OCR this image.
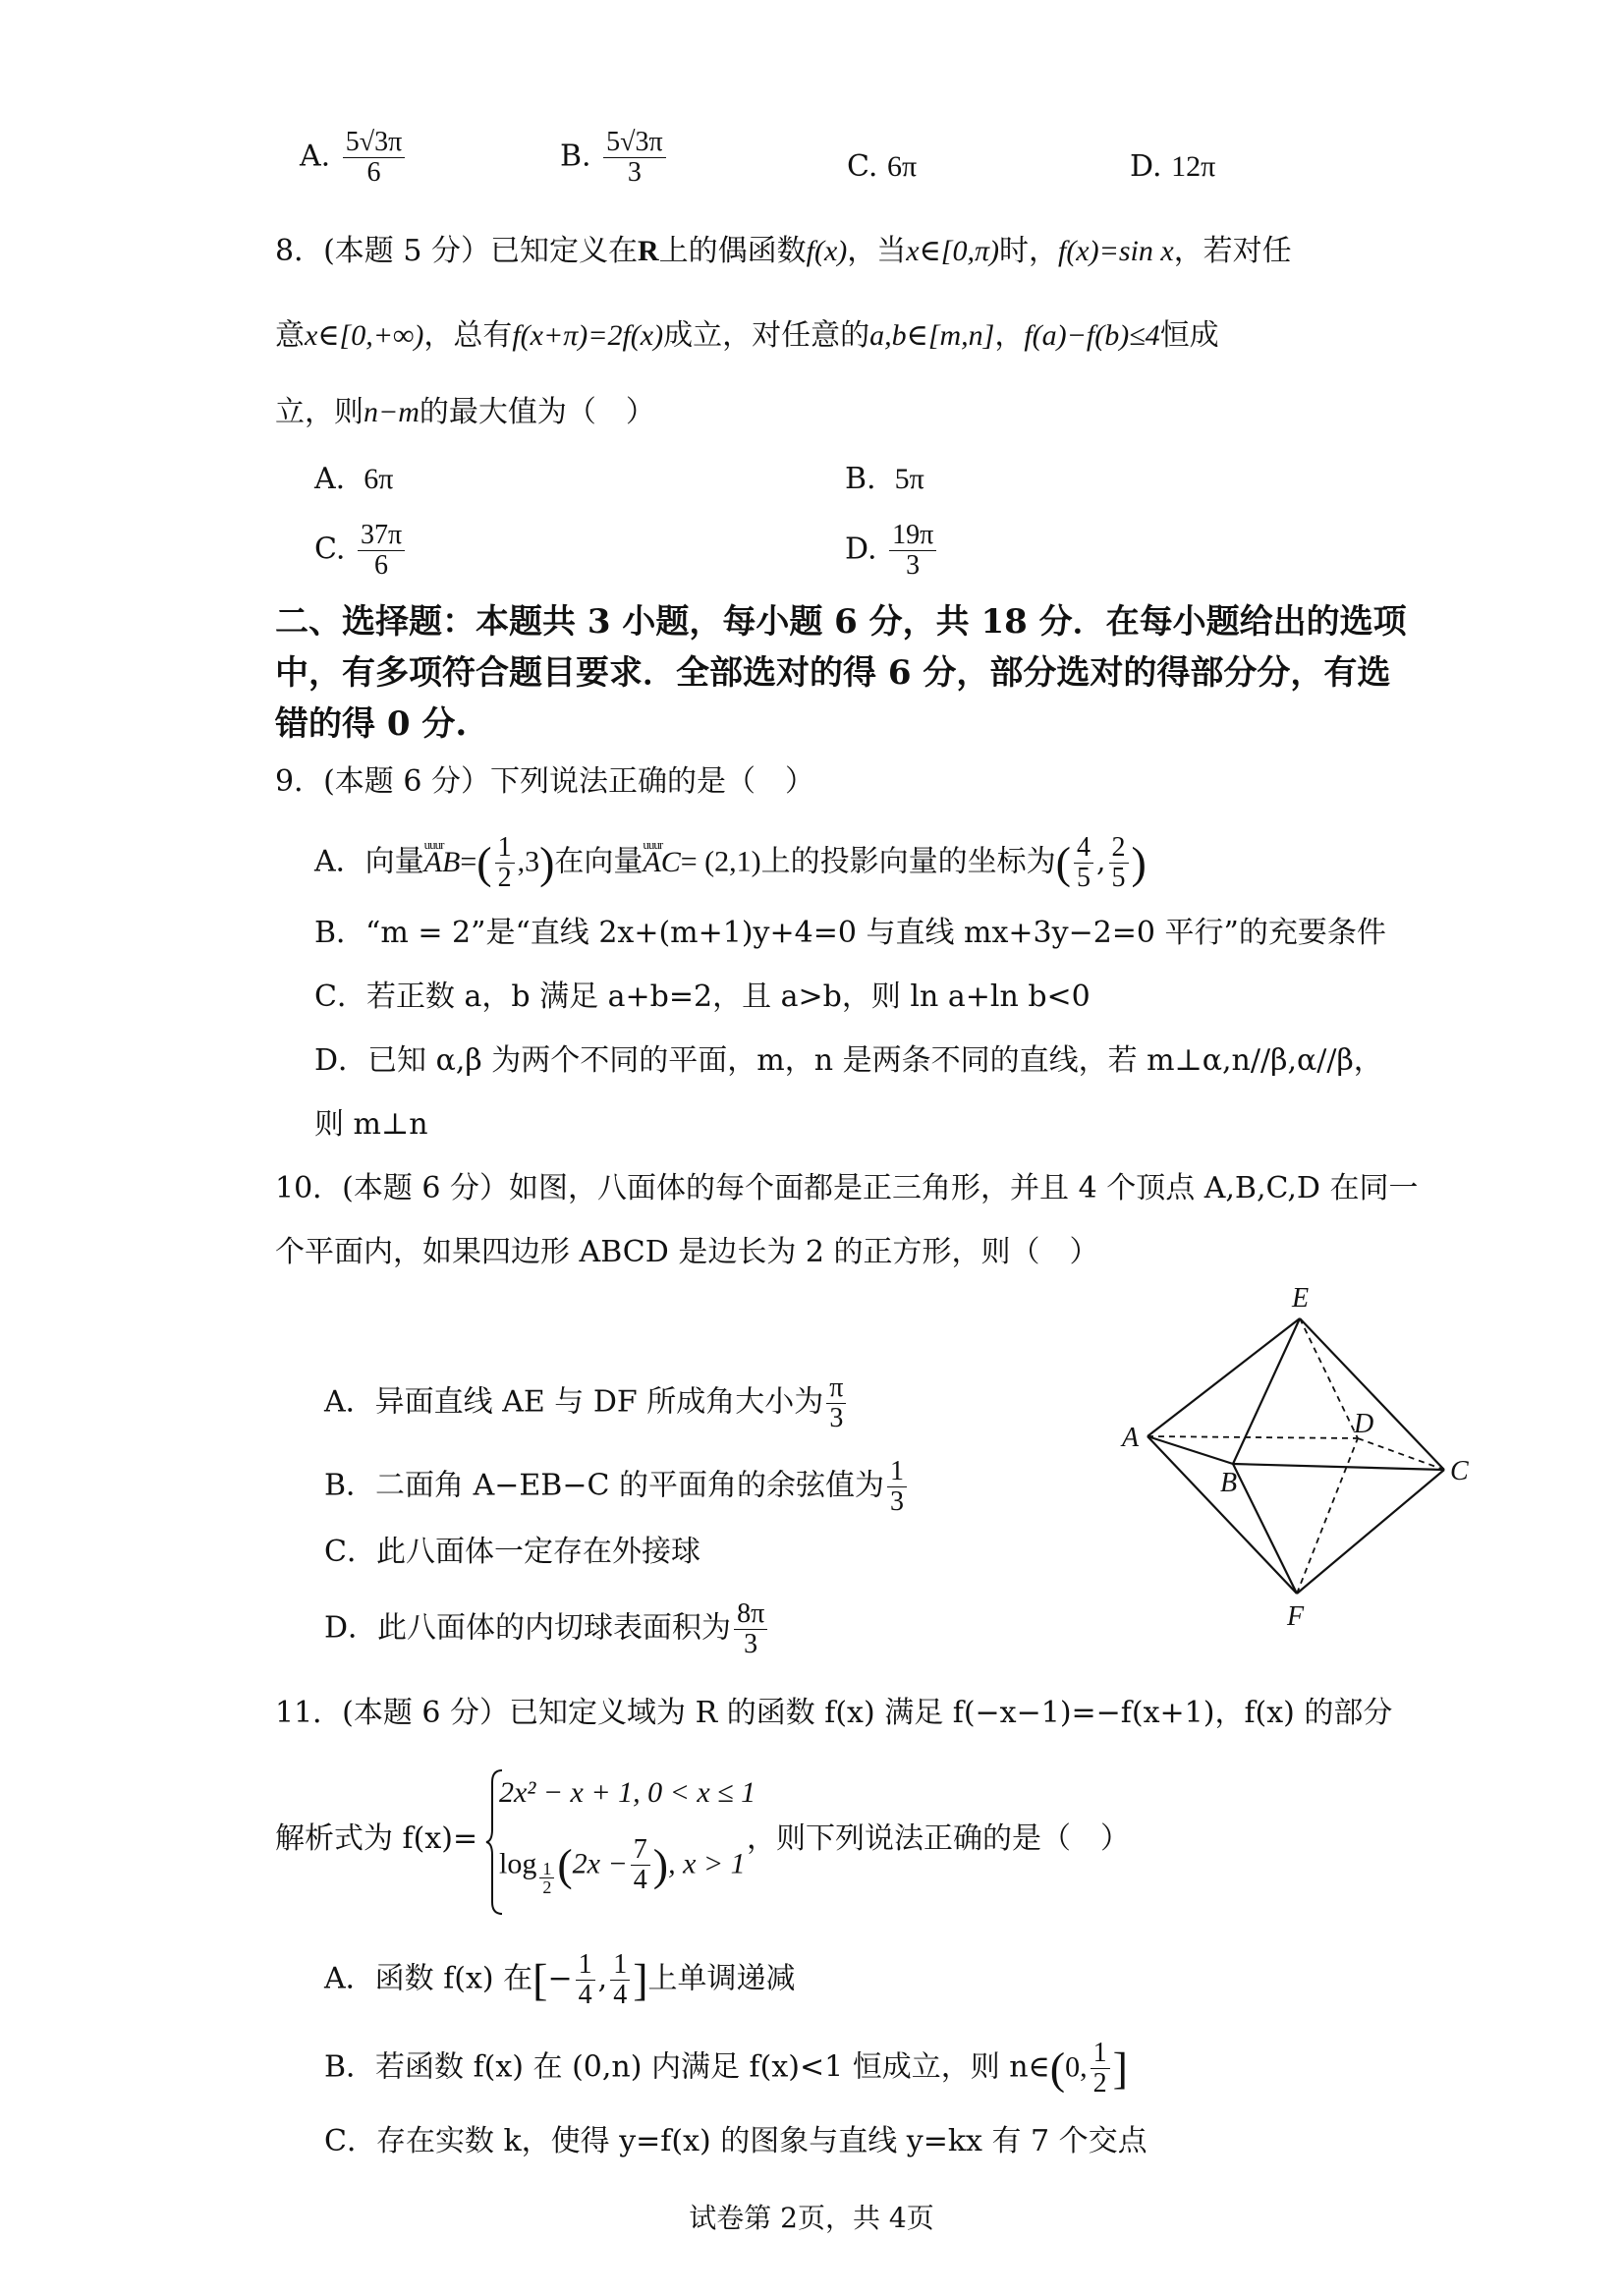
A. $\frac{5√3\pi}{6}$	B. $\frac{5√3\pi}{3}$	C. 6π	D. 12π
8．(本题 5 分）已知定义在R上的偶函数f(x)，当x∈[0,π)时，f(x)=sin x，若对任
意x∈[0,+∞)，总有f(x+π)=2f(x)成立，对任意的a,b∈[m,n]，f(a)−f(b)≤4恒成
立，则n−m的最大值为（　）
A. 6π	B. 5π
C. $\frac{37\pi}{6}$	D. $\frac{19\pi}{3}$
二、选择题：本题共 3 小题，每小题 6 分，共 18 分．在每小题给出的选项
中，有多项符合题目要求．全部选对的得 6 分，部分选对的得部分分，有选
错的得 0 分.
9．(本题 6 分）下列说法正确的是（　）
A．向量uuur $AB=( \frac{1}{2} ,3)$在向量uuur AC= (2,1)上的投影向量的坐标为( $\frac{4}{5}$ , $\frac{2}{5}$ )
B．“m = 2”是“直线 2x+(m+1)y+4=0 与直线 mx+3y−2=0 平行”的充要条件
C．若正数 a，b 满足 a+b=2，且 a>b，则 ln a+ln b<0
D．已知 α,β 为两个不同的平面，m，n 是两条不同的直线，若 m⊥α,n//β,α//β，
则 m⊥n
10．(本题 6 分）如图，八面体的每个面都是正三角形，并且 4 个顶点 A,B,C,D 在同一
个平面内，如果四边形 ABCD 是边长为 2 的正方形，则（　）
A．异面直线 AE 与 DF 所成角大小为 $\frac{\pi}{3}$
B．二面角 A−EB−C 的平面角的余弦值为 $\frac{1}{3}$
C．此八面体一定存在外接球
D．此八面体的内切球表面积为 $\frac{8\pi}{3}$
E
A	D
B	C
F
11．(本题 6 分）已知定义域为 R 的函数 f(x) 满足 f(−x−1)=−f(x+1)，f(x) 的部分
解析式为 f(x)=
2x² − x + 1, 0 < x ≤ 1
$\log \frac{1}{2} (2x - \frac{7}{4}$ ), x > 1
，则下列说法正确的是（　）
A．函数 f(x) 在[− $\frac{1}{4}$ , $\frac{1}{4}$ ]上单调递减
B．若函数 f(x) 在 (0,n) 内满足 f(x)<1 恒成立，则 n∈(0, $\frac{1}{2}$ ]
C．存在实数 k，使得 y=f(x) 的图象与直线 y=kx 有 7 个交点
试卷第 2页，共 4页
